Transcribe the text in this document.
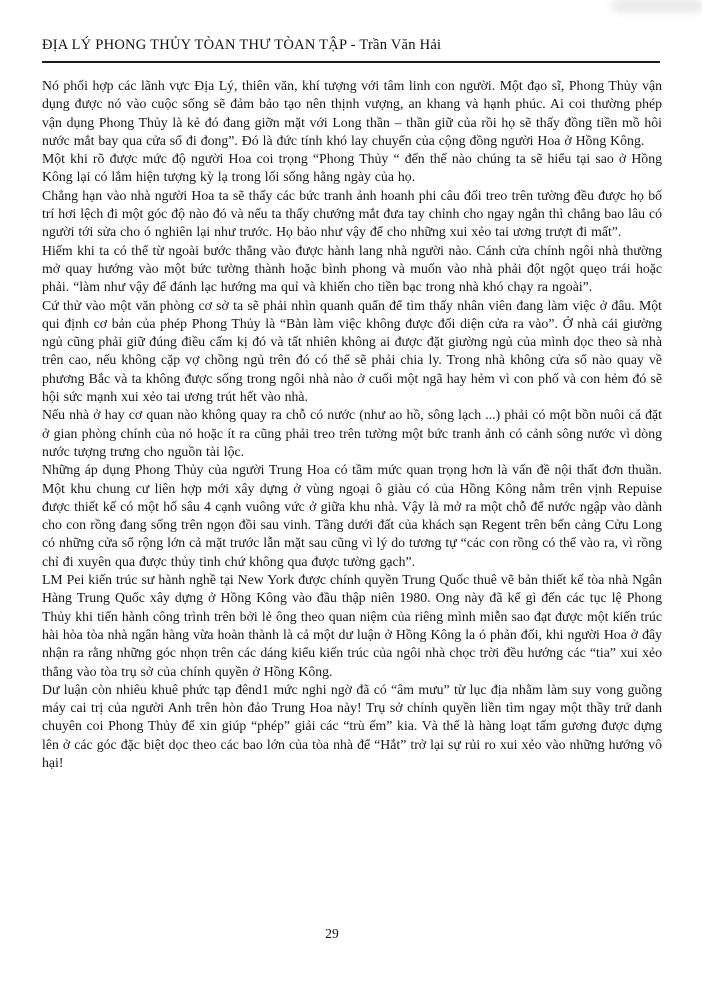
ĐỊA LÝ PHONG THỦY TÒAN THƯ TÒAN TẬP - Trần Văn Hải

Nó phối hợp các lãnh vực Địa Lý, thiên văn, khí tượng với tâm linh con người. Một đạo sĩ, Phong Thủy vận dụng được nó vào cuộc sống sẽ đảm bảo tạo nên thịnh vượng, an khang và hạnh phúc. Ai coi thường phép vận dụng Phong Thủy là kẻ đó đang giỡn mặt với Long thần – thần giữ của rồi họ sẽ thấy đồng tiền mồ hôi nước mắt bay qua cửa sổ đi đong”. Đó là đức tính khó lay chuyển của cộng đồng người Hoa ở Hồng Kông.

Một khi rõ được mức độ người Hoa coi trọng “Phong Thủy “ đến thế nào chúng ta sẽ hiểu tại sao ở Hồng Kông lại có lắm hiện tượng kỳ lạ trong lối sống hằng ngày của họ.

Chẳng hạn vào nhà người Hoa ta sẽ thấy các bức tranh ảnh hoanh phi câu đối treo trên tường đều được họ bố trí hơi lệch đi một góc độ nào đó và nếu ta thấy chướng mắt đưa tay chỉnh cho ngay ngắn thì chẳng bao lâu có người tới sửa cho ó nghiên lại như trước. Họ bảo như vậy để cho những xui xẻo tai ương trượt đi mất”.

Hiếm khi ta có thể từ ngoài bước thẳng vào được hành lang nhà người nào. Cánh cửa chính ngôi nhà thường mở quay hướng vào một bức tường thành hoặc bình phong và muốn vào nhà phải đột ngột quẹo trái hoặc phải. “làm như vậy để đánh lạc hướng ma quỉ và khiến cho tiền bạc trong nhà khó chạy ra ngoài”.

Cứ thử vào một văn phòng cơ sở ta sẽ phải nhìn quanh quẩn để tìm thấy nhân viên đang làm việc ở đâu. Một qui định cơ bản của phép Phong Thủy là “Bàn làm việc không được đối diện cửa ra vào”. Ở nhà cái giường ngủ cũng phải giữ đúng điều cấm kị đó và tất nhiên không ai được đặt giường ngủ của mình dọc theo sà nhà trên cao, nếu không cặp vợ chồng ngủ trên đó có thể sẽ phải chia ly. Trong nhà không cửa sổ nào quay về phương Bắc và ta không được sống trong ngôi nhà nào ở cuối một ngã hay hẻm vì con phố và con hẻm đó sẽ hội sức mạnh xui xẻo tai ương trút hết vào nhà.

Nếu nhà ở hay cơ quan nào không quay ra chỗ có nước (như ao hồ, sông lạch ...) phải có một bồn nuôi cá đặt ở gian phòng chính của nó hoặc ít ra cũng phải treo trên tường một bức tranh ảnh có cảnh sông nước vì dòng nước tượng trưng cho nguồn tài lộc.

Những áp dụng Phong Thủy của người Trung Hoa có tầm mức quan trọng hơn là vấn đề nội thất đơn thuần. Một khu chung cư liên hợp mới xây dựng ở vùng ngoại ô giàu có của Hồng Kông nằm trên vịnh Repuise được thiết kế có một hố sâu 4 cạnh vuông vức ở giữa khu nhà. Vậy là mở ra một chỗ để nước ngập vào dành cho con rồng đang sống trên ngọn đồi sau vinh. Tầng dưới đất của khách sạn Regent trên bến cảng Cửu Long có những cửa sổ rộng lớn cả mặt trước lẫn mặt sau cũng vì lý do tương tự “các con rồng có thể vào ra, vì rồng chỉ đi xuyên qua được thủy tinh chứ không qua được tường gạch”.

LM Pei kiến trúc sư hành nghề tại New York được chính quyền Trung Quốc thuê vẽ bản thiết kế tòa nhà Ngân Hàng Trung Quốc xây dựng ở Hồng Kông vào đầu thập niên 1980. Ong này đã kể gì đến các tục lệ Phong Thủy khi tiến hành công trình trên bởi lẻ ông theo quan niệm của riêng mình miễn sao đạt được một kiến trúc hài hòa tòa nhà ngân hàng vừa hoàn thành là cả một dư luận ở Hồng Kông la ó phản đối, khi người Hoa ở đây nhận ra rằng những góc nhọn trên các dáng kiểu kiến trúc của ngôi nhà chọc trời đều hướng các “tia” xui xẻo thẳng vào tòa trụ sở của chính quyền ở Hồng Kông.

Dư luận còn nhiêu khuê phức tạp đênd1 mức nghi ngờ đã có “âm mưu” từ lục địa nhằm làm suy vong guồng máy cai trị của người Anh trên hòn đảo Trung Hoa này! Trụ sở chính quyền liền tìm ngay một thầy trứ danh chuyên coi Phong Thủy để xin giúp “phép” giải các “trù ếm” kia. Và thế là hàng loạt tấm gương được dựng lên ở các góc đặc biệt dọc theo các bao lớn của tòa nhà để “Hắt” trở lại sự rủi ro xui xẻo vào những hướng vô hại!

29
